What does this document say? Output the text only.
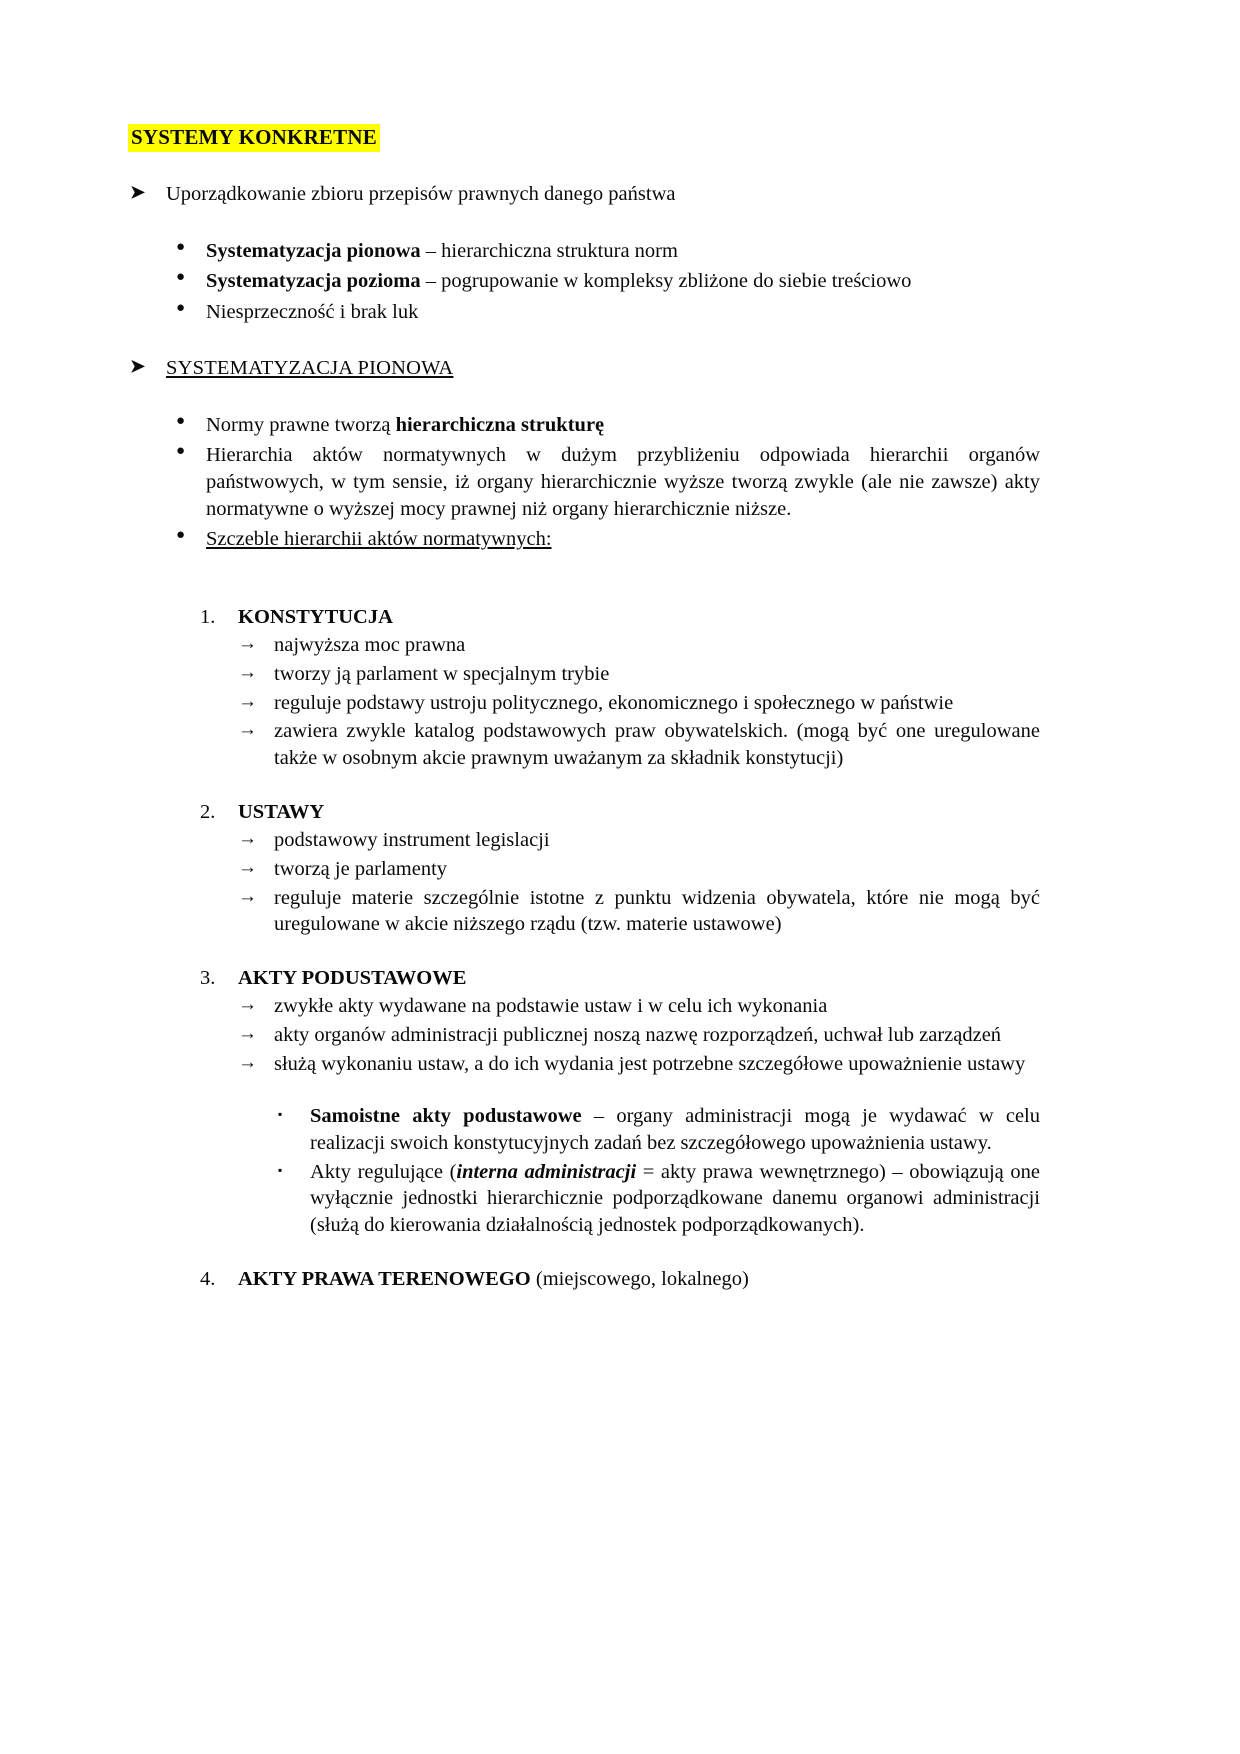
SYSTEMY KONKRETNE
➤ Uporządkowanie zbioru przepisów prawnych danego państwa
● Systematyzacja pionowa – hierarchiczna struktura norm
● Systematyzacja pozioma – pogrupowanie w kompleksy zbliżone do siebie treściowo
● Niesprzeczność i brak luk
➤ SYSTEMATYZACJA PIONOWA
● Normy prawne tworzą hierarchiczna strukturę
● Hierarchia aktów normatywnych w dużym przybliżeniu odpowiada hierarchii organów państwowych, w tym sensie, iż organy hierarchicznie wyższe tworzą zwykle (ale nie zawsze) akty normatywne o wyższej mocy prawnej niż organy hierarchicznie niższe.
● Szczeble hierarchii aktów normatywnych:
1. KONSTYTUCJA
→ najwyższa moc prawna
→ tworzy ją parlament w specjalnym trybie
→ reguluje podstawy ustroju politycznego, ekonomicznego i społecznego w państwie
→ zawiera zwykle katalog podstawowych praw obywatelskich. (mogą być one uregulowane także w osobnym akcie prawnym uważanym za składnik konstytucji)
2. USTAWY
→ podstawowy instrument legislacji
→ tworzą je parlamenty
→ reguluje materie szczególnie istotne z punktu widzenia obywatela, które nie mogą być uregulowane w akcie niższego rządu (tzw. materie ustawowe)
3. AKTY PODUSTAWOWE
→ zwykłe akty wydawane na podstawie ustaw i w celu ich wykonania
→ akty organów administracji publicznej noszą nazwę rozporządzeń, uchwał lub zarządzeń
→ służą wykonaniu ustaw, a do ich wydania jest potrzebne szczegółowe upoważnienie ustawy
▪ Samoistne akty podustawowe – organy administracji mogą je wydawać w celu realizacji swoich konstytucyjnych zadań bez szczegółowego upoważnienia ustawy.
▪ Akty regulujące (interna administracji = akty prawa wewnętrznego) – obowiązują one wyłącznie jednostki hierarchicznie podporządkowane danemu organowi administracji (służą do kierowania działalnością jednostek podporządkowanych).
4. AKTY PRAWA TERENOWEGO (miejscowego, lokalnego)
